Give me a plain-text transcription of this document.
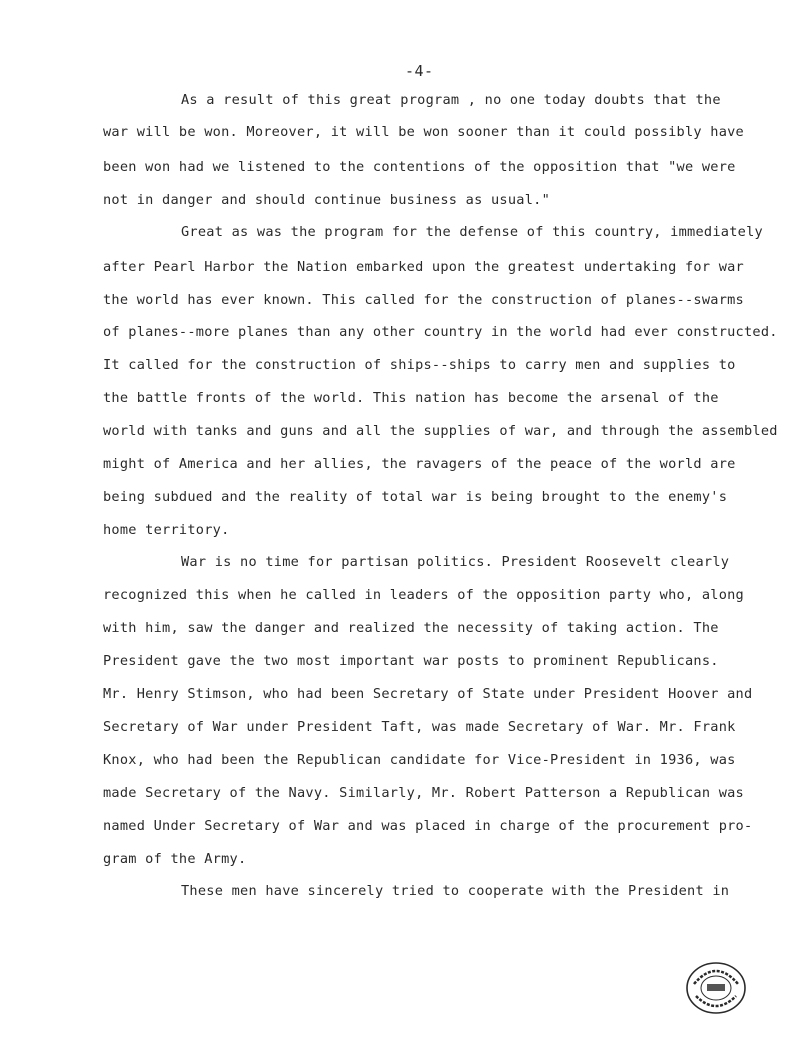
-4-
As a result of this great program , no one today doubts that the
war will be won. Moreover, it will be won sooner than it could possibly have
been won had we listened to the contentions of the opposition that "we were
not in danger and should continue business as usual."
Great as was the program for the defense of this country, immediately
after Pearl Harbor the Nation embarked upon the greatest undertaking for war
the world has ever known. This called for the construction of planes--swarms
of planes--more planes than any other country in the world had ever constructed.
It called for the construction of ships--ships to carry men and supplies to
the battle fronts of the world. This nation has become the arsenal of the
world with tanks and guns and all the supplies of war, and through the assembled
might of America and her allies, the ravagers of the peace of the world are
being subdued and the reality of total war is being brought to the enemy's
home territory.
War is no time for partisan politics. President Roosevelt clearly
recognized this when he called in leaders of the opposition party who, along
with him, saw the danger and realized the necessity of taking action. The
President gave the two most important war posts to prominent Republicans.
Mr. Henry Stimson, who had been Secretary of State under President Hoover and
Secretary of War under President Taft, was made Secretary of War. Mr. Frank
Knox, who had been the Republican candidate for Vice-President in 1936, was
made Secretary of the Navy. Similarly, Mr. Robert Patterson a Republican was
named Under Secretary of War and was placed in charge of the procurement pro-
gram of the Army.
These men have sincerely tried to cooperate with the President in
